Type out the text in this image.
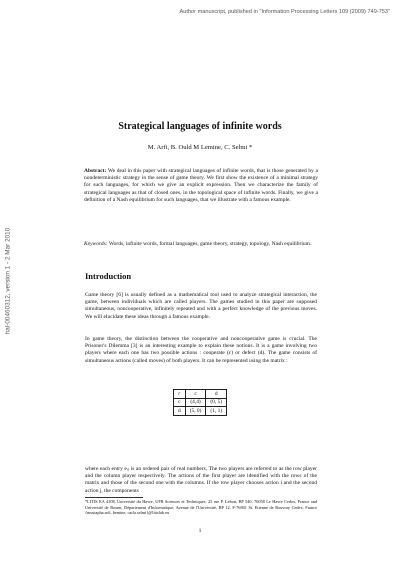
Author manuscript, published in "Information Processing Letters 109 (2009) 749-753"
hal-00460312, version 1 - 2 Mar 2010
Strategical languages of infinite words
M. Arfi, B. Ould M Lemine, C. Selmi *
Abstract: We deal in this paper with strategical languages of infinite words, that is those generated by a nondeterministic strategy in the sense of game theory. We first show the existence of a minimal strategy for such languages, for which we give an explicit expression. Then we characterize the family of strategical languages as that of closed ones, in the topological space of infinite words. Finally, we give a definition of a Nash equilibrium for such languages, that we illustrate with a famous example.
Keywords: Words, infinite words, formal languages, game theory, strategy, topology, Nash equilibrium.
Introduction

Game theory [6] is usually defined as a mathematical tool used to analyze strategical interaction, the game, between individuals which are called players. The games studied in this paper are supposed simultaneous, noncooperative, infinitely repeated and with a perfect knowledge of the previous moves. We will elucidate these ideas through a famous example.

In game theory, the distinction between the cooperative and noncooperative game is crucial. The Prisoner's Dilemma [3] is an interesting example to explain these notions. It is a game involving two players where each one has two possible actions : cooperate (c) or defect (d). The game consists of simultaneous actions (called moves) of both players. It can be represented using the matrix :

r	c	d
c	(4,4)	(0, 5)
d	(5, 0)	(1, 1)

where each entry eᵢⱼ is an ordered pair of real numbers. The two players are referred to as the row player and the column player respectively. The actions of the first player are identified with the rows of the matrix and those of the second one with the columns. If the row player chooses action i and the second action j, the components

*LITIS EA 4108, Université du Havre, UFR Sciences et Techniques, 25 rue P. Lebon, BP 540, 76058 Le Havre Cedex, France and Université de Rouen, Département d'Informatique, Avenue de l'Université, BP 12, F-76801 St. Etienne de Rouvray Cedex, France {mustapha.arfi, bemine, carla.selmi}@litislab.eu

1
